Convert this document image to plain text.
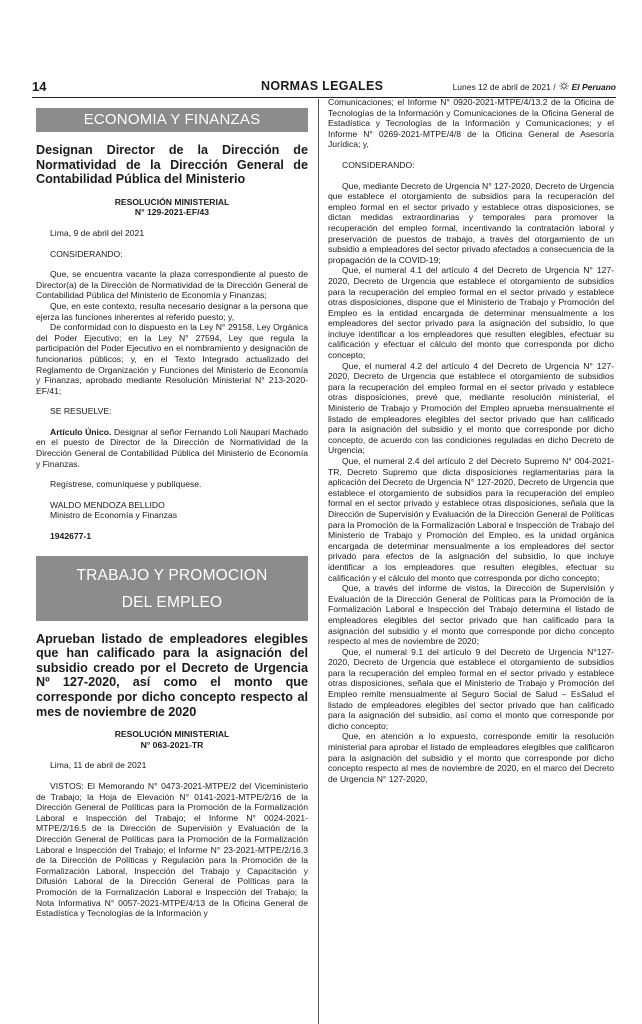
14	NORMAS LEGALES	Lunes 12 de abril de 2021 / El Peruano
ECONOMIA Y FINANZAS
Designan Director de la Dirección de Normatividad de la Dirección General de Contabilidad Pública del Ministerio
RESOLUCIÓN MINISTERIAL
N° 129-2021-EF/43

Lima, 9 de abril del 2021

CONSIDERANDO:

Que, se encuentra vacante la plaza correspondiente al puesto de Director(a) de la Dirección de Normatividad de la Dirección General de Contabilidad Pública del Ministerio de Economía y Finanzas;

Que, en este contexto, resulta necesario designar a la persona que ejerza las funciones inherentes al referido puesto; y,

De conformidad con lo dispuesto en la Ley N° 29158, Ley Orgánica del Poder Ejecutivo; en la Ley N° 27594, Ley que regula la participación del Poder Ejecutivo en el nombramiento y designación de funcionarios públicos; y, en el Texto Integrado actualizado del Reglamento de Organización y Funciones del Ministerio de Economía y Finanzas, aprobado mediante Resolución Ministerial N° 213-2020-EF/41;

SE RESUELVE:

Artículo Único. Designar al señor Fernando Loli Naupari Machado en el puesto de Director de la Dirección de Normatividad de la Dirección General de Contabilidad Pública del Ministerio de Economía y Finanzas.

Regístrese, comuníquese y publíquese.

WALDO MENDOZA BELLIDO

Ministro de Economía y Finanzas

1942677-1

TRABAJO Y PROMOCION
DEL EMPLEO
Aprueban listado de empleadores elegibles que han calificado para la asignación del subsidio creado por el Decreto de Urgencia Nº 127-2020, así como el monto que corresponde por dicho concepto respecto al mes de noviembre de 2020
RESOLUCIÓN MINISTERIAL
N° 063-2021-TR

Lima, 11 de abril de 2021

VISTOS: El Memorando N° 0473-2021-MTPE/2 del Viceministerio de Trabajo; la Hoja de Elevación N° 0141-2021-MTPE/2/16 de la Dirección General de Políticas para la Promoción de la Formalización Laboral e Inspección del Trabajo; el Informe N° 0024-2021-MTPE/2/16.5 de la Dirección de Supervisión y Evaluación de la Dirección General de Políticas para la Promoción de la Formalización Laboral e Inspección del Trabajo; el Informe N° 23-2021-MTPE/2/16.3 de la Dirección de Políticas y Regulación para la Promoción de la Formalización Laboral, Inspección del Trabajo y Capacitación y Difusión Laboral de la Dirección General de Políticas para la Promoción de la Formalización Laboral e Inspección del Trabajo; la Nota Informativa N° 0057-2021-MTPE/4/13 de la Oficina General de Estadística y Tecnologías de la Información y

Comunicaciones; el Informe N° 0920-2021-MTPE/4/13.2 de la Oficina de Tecnologías de la Información y Comunicaciones de la Oficina General de Estadística y Tecnologías de la Información y Comunicaciones; y el Informe N° 0269-2021-MTPE/4/8 de la Oficina General de Asesoría Jurídica; y,

CONSIDERANDO:

Que, mediante Decreto de Urgencia N° 127-2020, Decreto de Urgencia que establece el otorgamiento de subsidios para la recuperación del empleo formal en el sector privado y establece otras disposiciones, se dictan medidas extraordinarias y temporales para promover la recuperación del empleo formal, incentivando la contratación laboral y preservación de puestos de trabajo, a través del otorgamiento de un subsidio a empleadores del sector privado afectados a consecuencia de la propagación de la COVID-19;

Que, el numeral 4.1 del artículo 4 del Decreto de Urgencia N° 127-2020, Decreto de Urgencia que establece el otorgamiento de subsidios para la recuperación del empleo formal en el sector privado y establece otras disposiciones, dispone que el Ministerio de Trabajo y Promoción del Empleo es la entidad encargada de determinar mensualmente a los empleadores del sector privado para la asignación del subsidio, lo que incluye identificar a los empleadores que resulten elegibles, efectuar su calificación y efectuar el cálculo del monto que corresponda por dicho concepto;

Que, el numeral 4.2 del artículo 4 del Decreto de Urgencia N° 127-2020, Decreto de Urgencia que establece el otorgamiento de subsidios para la recuperación del empleo formal en el sector privado y establece otras disposiciones, prevé que, mediante resolución ministerial, el Ministerio de Trabajo y Promoción del Empleo aprueba mensualmente el listado de empleadores elegibles del sector privado que han calificado para la asignación del subsidio y el monto que corresponde por dicho concepto, de acuerdo con las condiciones reguladas en dicho Decreto de Urgencia;

Que, el numeral 2.4 del artículo 2 del Decreto Supremo N° 004-2021-TR, Decreto Supremo que dicta disposiciones reglamentarias para la aplicación del Decreto de Urgencia N° 127-2020, Decreto de Urgencia que establece el otorgamiento de subsidios para la recuperación del empleo formal en el sector privado y establece otras disposiciones, señala que la Dirección de Supervisión y Evaluación de la Dirección General de Políticas para la Promoción de la Formalización Laboral e Inspección de Trabajo del Ministerio de Trabajo y Promoción del Empleo, es la unidad orgánica encargada de determinar mensualmente a los empleadores del sector privado para efectos de la asignación del subsidio, lo que incluye identificar a los empleadores que resulten elegibles, efectuar su calificación y el cálculo del monto que corresponda por dicho concepto;

Que, a través del informe de vistos, la Dirección de Supervisión y Evaluación de la Dirección General de Políticas para la Promoción de la Formalización Laboral e Inspección del Trabajo determina el listado de empleadores elegibles del sector privado que han calificado para la asignación del subsidio y el monto que corresponde por dicho concepto respecto al mes de noviembre de 2020;

Que, el numeral 9.1 del artículo 9 del Decreto de Urgencia N°127-2020, Decreto de Urgencia que establece el otorgamiento de subsidios para la recuperación del empleo formal en el sector privado y establece otras disposiciones, señala que el Ministerio de Trabajo y Promoción del Empleo remite mensualmente al Seguro Social de Salud – EsSalud el listado de empleadores elegibles del sector privado que han calificado para la asignación del subsidio, así como el monto que corresponde por dicho concepto;

Que, en atención a lo expuesto, corresponde emitir la resolución ministerial para aprobar el listado de empleadores elegibles que calificaron para la asignación del subsidio y el monto que corresponde por dicho concepto respecto al mes de noviembre de 2020, en el marco del Decreto de Urgencia N° 127-2020,
